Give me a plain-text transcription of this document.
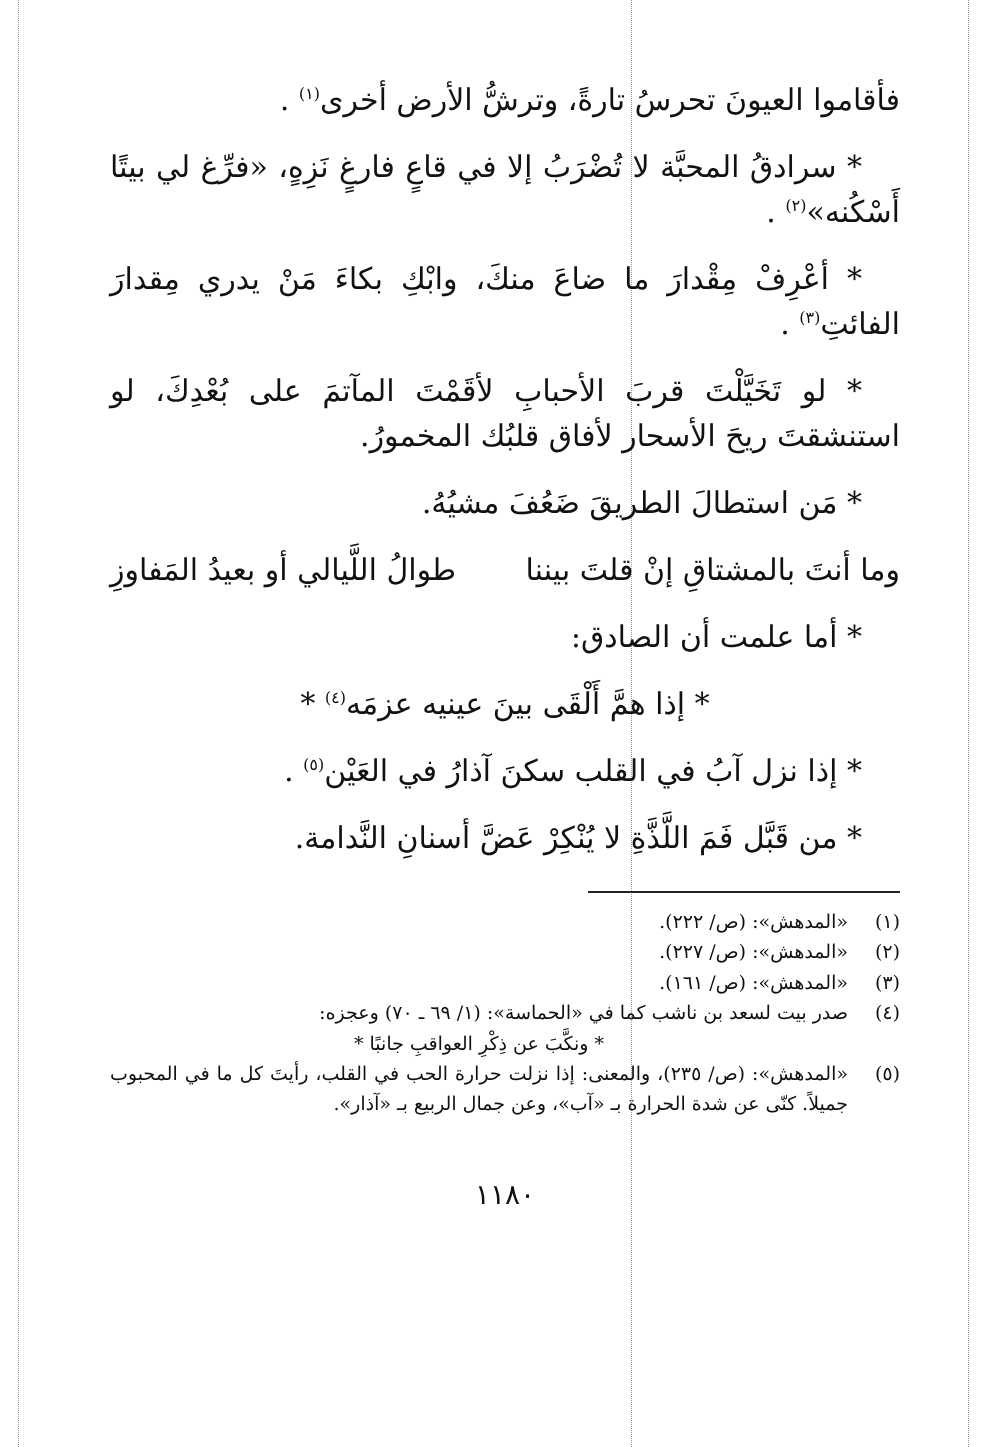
فأقاموا العيونَ تحرسُ تارةً، وترشُّ الأرض أخرى$^{(١)}$ .

* سرادقُ المحبَّة لا تُضْرَبُ إلا في قاعٍ فارغٍ نَزِهٍ، «فرِّغ لي بيتًا أَسْكُنه»$^{(٢)}$ .

* أعْرِفْ مِقْدارَ ما ضاعَ منكَ، وابْكِ بكاءَ مَنْ يدري مِقدارَ الفائتِ$^{(٣)}$ .

* لو تَخَيَّلْتَ قربَ الأحبابِ لأقَمْتَ المآتمَ على بُعْدِكَ، لو استنشقتَ ريحَ الأسحار لأفاق قلبُك المخمورُ.

* مَن استطالَ الطريقَ ضَعُفَ مشيُهُ.

وما أنتَ بالمشتاقِ إنْ قلتَ بيننا
طوالُ اللَّيالي أو بعيدُ المَفاوزِ

* أما علمت أن الصادق:

* إذا همَّ أَلْقَى بينَ عينيه عزمَه$^{(٤)}$ *

* إذا نزل آبُ في القلب سكنَ آذارُ في العَيْن$^{(٥)}$ .

* من قَبَّل فَمَ اللَّذَّةِ لا يُنْكِرْ عَضَّ أسنانِ النَّدامة.

(١)
«المدهش»: (ص/ ٢٢٢).
(٢)
«المدهش»: (ص/ ٢٢٧).
(٣)
«المدهش»: (ص/ ١٦١).
(٤)
صدر بيت لسعد بن ناشب كما في «الحماسة»: (١/ ٦٩ ـ ٧٠) وعجزه:
* ونكَّبَ عن ذِكْرِ العواقبِ جانبًا *
(٥)
«المدهش»: (ص/ ٢٣٥)، والمعنى: إذا نزلت حرارة الحب في القلب، رأيتَ كل ما في المحبوب جميلاً. كنّى عن شدة الحرارة بـ «آب»، وعن جمال الربيع بـ «آذار».
١١٨٠
